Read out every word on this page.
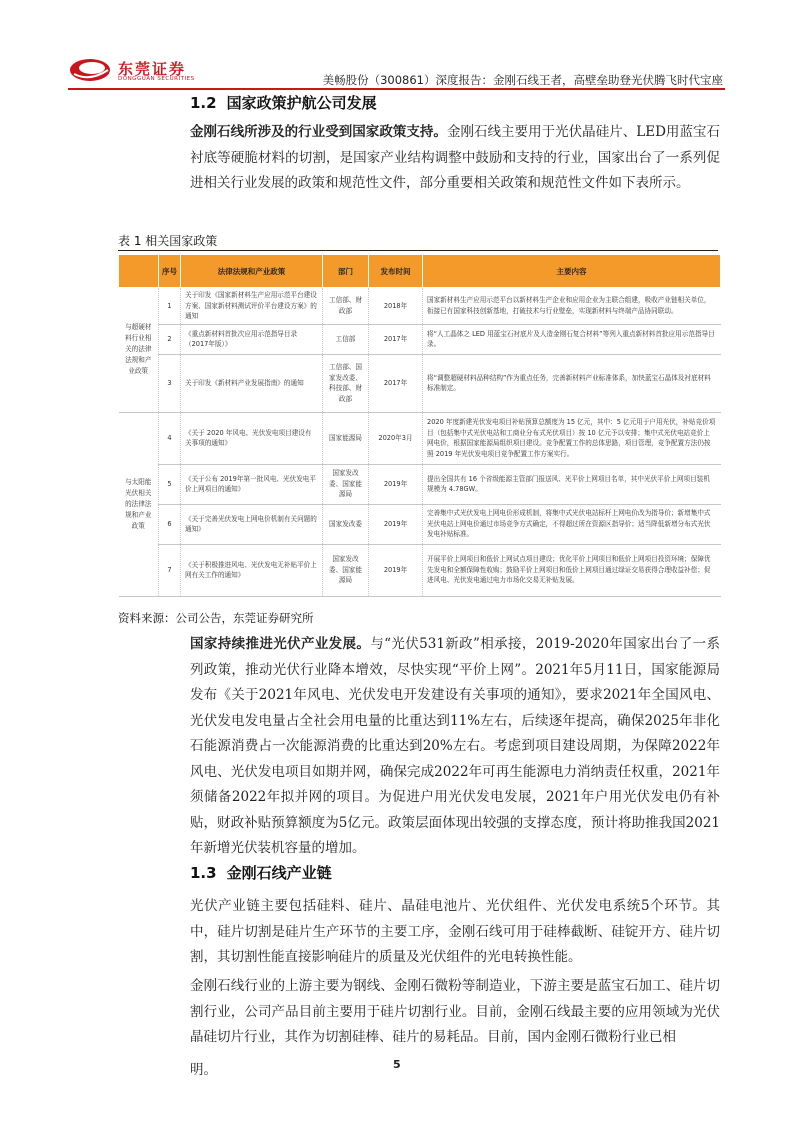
东莞证券
DONGGUAN SECURITIES	美畅股份（300861）深度报告：金刚石线王者，高壁垒助登光伏腾飞时代宝座
1.2 国家政策护航公司发展

金刚石线所涉及的行业受到国家政策支持。金刚石线主要用于光伏晶硅片、LED用蓝宝石衬底等硬脆材料的切割，是国家产业结构调整中鼓励和支持的行业，国家出台了一系列促进相关行业发展的政策和规范性文件，部分重要相关政策和规范性文件如下表所示。

表 1 相关国家政策
	序号	法律法规和产业政策	部门	发布时间	主要内容
与超硬材料行业相关的法律法规和产业政策	1	关于印发《国家新材料生产应用示范平台建设方案、国家新材料测试评价平台建设方案》的通知	工信部、财政部	2018年	国家新材料生产应用示范平台以新材料生产企业和应用企业为主联合组建，吸收产业链相关单位，衔接已有国家科技创新基地，打破技术与行业壁垒，实现新材料与终端产品协同联动。
	2	《重点新材料首批次应用示范指导目录（2017年版）》	工信部	2017年	将“人工晶体之 LED 用蓝宝石衬底片及人造金刚石复合材料”等列入重点新材料首批应用示范指导目录。
	3	关于印发《新材料产业发展指南》的通知	工信部、国家发改委、科技部、财政部	2017年	将“调整超硬材料品种结构”作为重点任务，完善新材料产业标准体系，加快蓝宝石晶体及衬底材料标准制定。
与太阳能光伏相关的法律法规和产业政策	4	《关于 2020 年风电、光伏发电项目建设有关事项的通知》	国家能源局	2020年3月	2020 年度新建光伏发电项目补贴预算总额度为 15 亿元，其中：5 亿元用于户用光伏，补贴竞价项目（包括集中式光伏电站和工商业分布式光伏项目）按 10 亿元予以安排；集中式光伏电站竞价上网电价，根据国家能源局组织项目建设。竞争配置工作的总体思路，项目管理，竞争配置方法仍按照 2019 年光伏发电项目竞争配置工作方案实行。
	5	《关于公布 2019年第一批风电、光伏发电平价上网项目的通知》	国家发改委、国家能源局	2019年	提出全国共有 16 个省级能源主管部门报送风、光平价上网项目名单，其中光伏平价上网项目装机规模为 4.78GW。
	6	《关于完善光伏发电上网电价机制有关问题的通知》	国家发改委	2019年	完善集中式光伏发电上网电价形成机制，将集中式光伏电站标杆上网电价改为指导价；新增集中式光伏电站上网电价通过市场竞争方式确定，不得超过所在资源区指导价；适当降低新增分布式光伏发电补贴标准。
	7	《关于积极推进风电、光伏发电无补贴平价上网有关工作的通知》	国家发改委、国家能源局	2019年	开展平价上网项目和低价上网试点项目建设；优化平价上网项目和低价上网项目投资环境；保障优先发电和全额保障性收购；鼓励平价上网项目和低价上网项目通过绿证交易获得合理收益补偿；促进风电、光伏发电通过电力市场化交易无补贴发展。
资料来源：公司公告，东莞证券研究所

国家持续推进光伏产业发展。与“光伏531新政”相承接，2019-2020年国家出台了一系列政策，推动光伏行业降本增效，尽快实现“平价上网”。2021年5月11日，国家能源局发布《关于2021年风电、光伏发电开发建设有关事项的通知》，要求2021年全国风电、光伏发电发电量占全社会用电量的比重达到11%左右，后续逐年提高，确保2025年非化石能源消费占一次能源消费的比重达到20%左右。考虑到项目建设周期，为保障2022年风电、光伏发电项目如期并网，确保完成2022年可再生能源电力消纳责任权重，2021年须储备2022年拟并网的项目。为促进户用光伏发电发展，2021年户用光伏发电仍有补贴，财政补贴预算额度为5亿元。政策层面体现出较强的支撑态度，预计将助推我国2021年新增光伏装机容量的增加。

1.3 金刚石线产业链

光伏产业链主要包括硅料、硅片、晶硅电池片、光伏组件、光伏发电系统5个环节。其中，硅片切割是硅片生产环节的主要工序，金刚石线可用于硅棒截断、硅锭开方、硅片切割，其切割性能直接影响硅片的质量及光伏组件的光电转换性能。

金刚石线行业的上游主要为钢线、金刚石微粉等制造业，下游主要是蓝宝石加工、硅片切割行业，公司产品目前主要用于硅片切割行业。目前，金刚石线最主要的应用领域为光伏晶硅切片行业，其作为切割硅棒、硅片的易耗品。目前，国内金刚石微粉行业已相

明。	5
